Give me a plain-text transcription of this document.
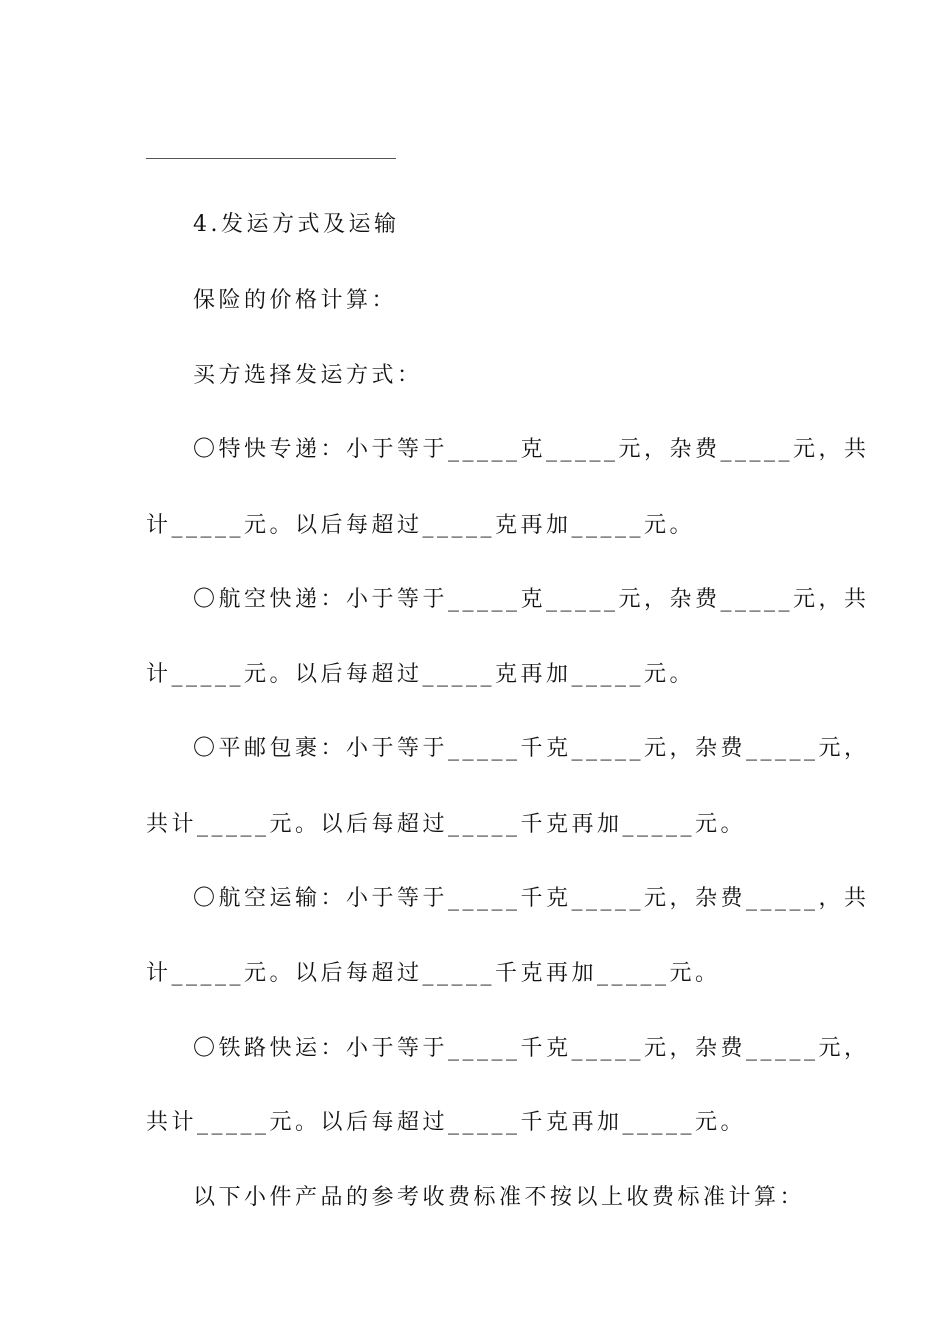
4.发运方式及运输
保险的价格计算：
买方选择发运方式：
〇特快专递：小于等于_____克_____元，杂费_____元，共
计_____元。以后每超过_____克再加_____元。
〇航空快递：小于等于_____克_____元，杂费_____元，共
计_____元。以后每超过_____克再加_____元。
〇平邮包裹：小于等于_____千克_____元，杂费_____元，
共计_____元。以后每超过_____千克再加_____元。
〇航空运输：小于等于_____千克_____元，杂费_____，共
计_____元。以后每超过_____千克再加_____元。
〇铁路快运：小于等于_____千克_____元，杂费_____元，
共计_____元。以后每超过_____千克再加_____元。
以下小件产品的参考收费标准不按以上收费标准计算：
